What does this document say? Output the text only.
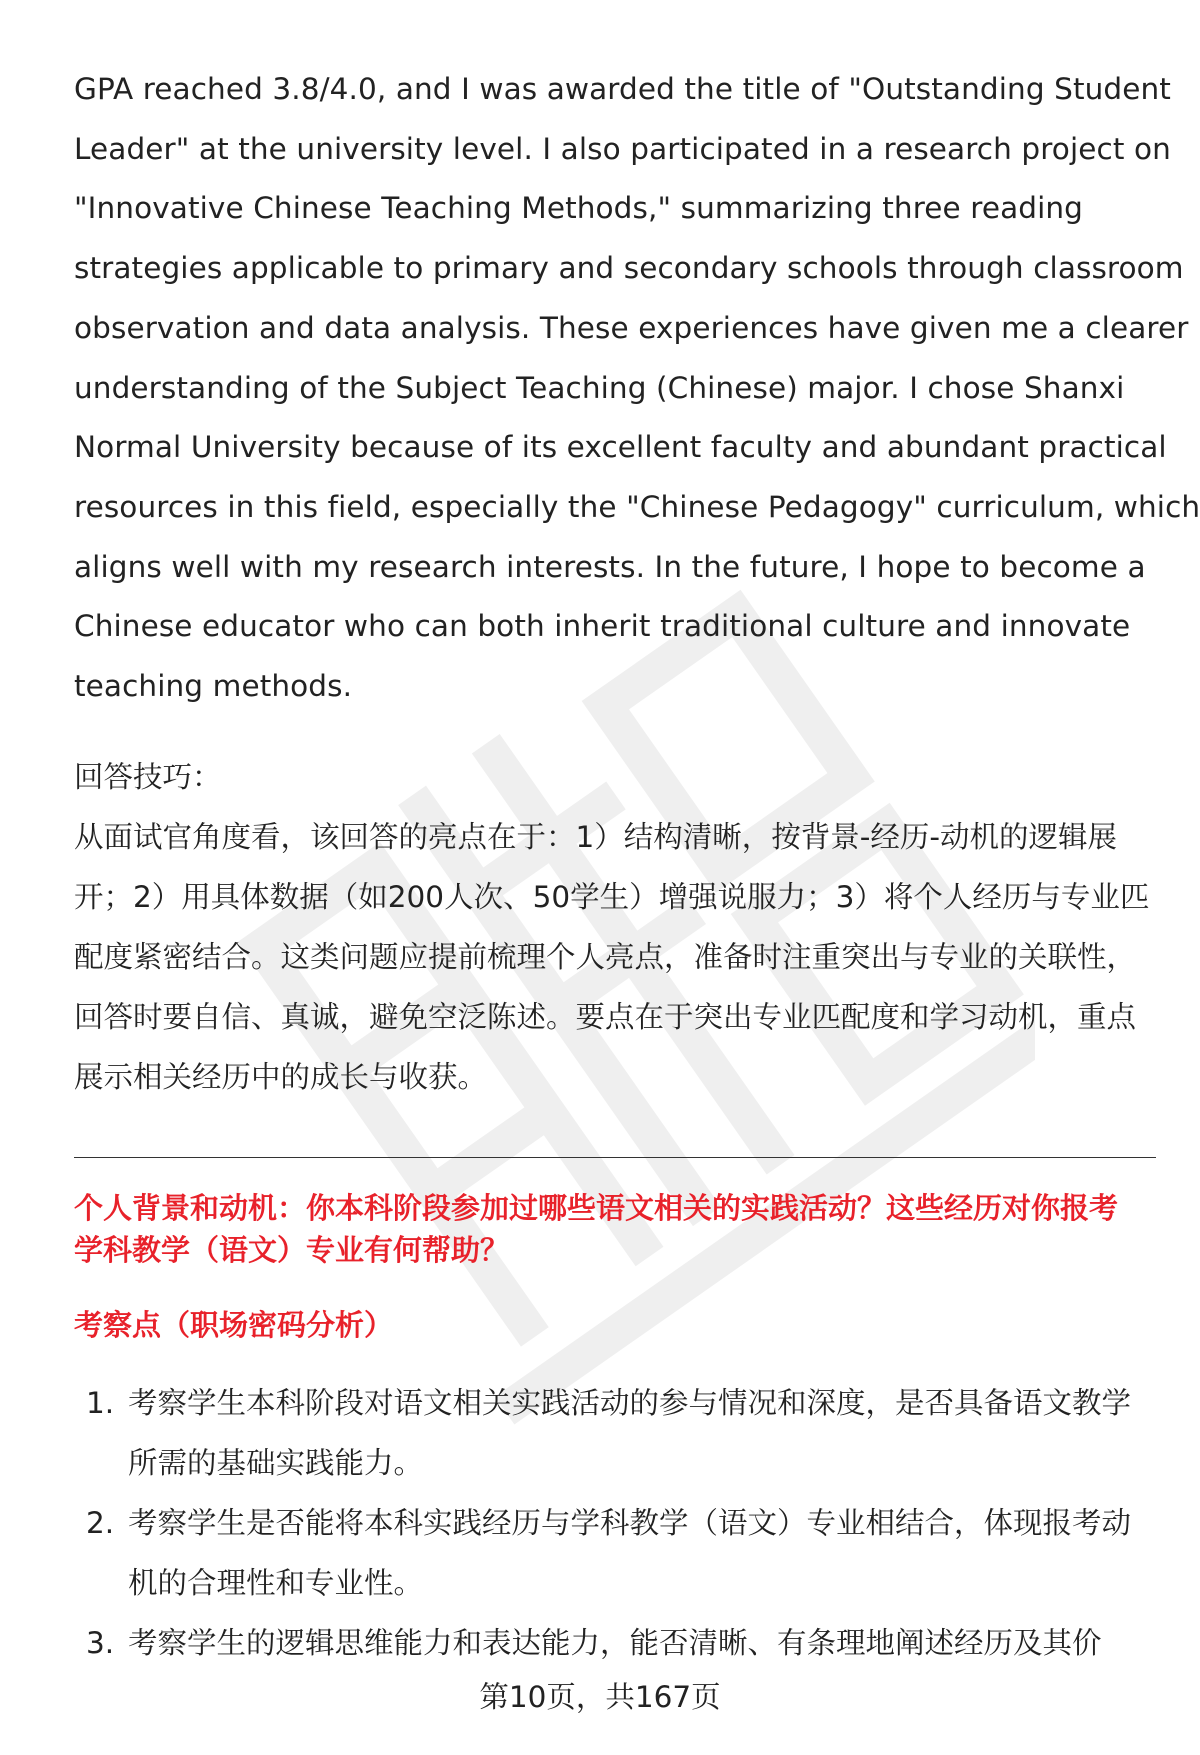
GPA reached 3.8/4.0, and I was awarded the title of "Outstanding Student
Leader" at the university level. I also participated in a research project on
"Innovative Chinese Teaching Methods," summarizing three reading
strategies applicable to primary and secondary schools through classroom
observation and data analysis. These experiences have given me a clearer
understanding of the Subject Teaching (Chinese) major. I chose Shanxi
Normal University because of its excellent faculty and abundant practical
resources in this field, especially the "Chinese Pedagogy" curriculum, which
aligns well with my research interests. In the future, I hope to become a
Chinese educator who can both inherit traditional culture and innovate
teaching methods.

回答技巧：

从面试官角度看，该回答的亮点在于：1）结构清晰，按背景-经历-动机的逻辑展
开；2）用具体数据（如200人次、50学生）增强说服力；3）将个人经历与专业匹
配度紧密结合。这类问题应提前梳理个人亮点，准备时注重突出与专业的关联性，
回答时要自信、真诚，避免空泛陈述。要点在于突出专业匹配度和学习动机，重点
展示相关经历中的成长与收获。

个人背景和动机：你本科阶段参加过哪些语文相关的实践活动？这些经历对你报考
学科教学（语文）专业有何帮助？

考察点（职场密码分析）

1. 考察学生本科阶段对语文相关实践活动的参与情况和深度，是否具备语文教学
所需的基础实践能力。
2. 考察学生是否能将本科实践经历与学科教学（语文）专业相结合，体现报考动
机的合理性和专业性。
3. 考察学生的逻辑思维能力和表达能力，能否清晰、有条理地阐述经历及其价
第10页，共167页
